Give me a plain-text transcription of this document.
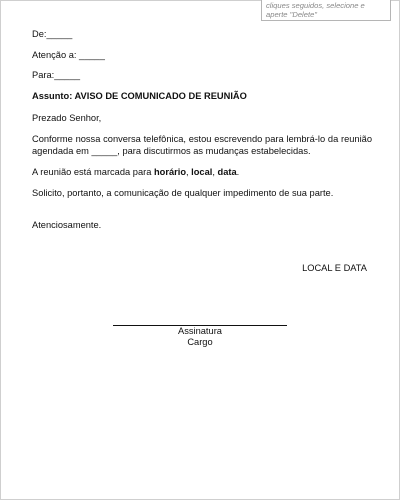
cliques seguidos, selecione e
aperte "Delete"
De:_____
Atenção a: _____
Para:_____
Assunto: AVISO DE COMUNICADO DE REUNIÃO
Prezado Senhor,
Conforme nossa conversa telefônica, estou escrevendo para lembrá-lo da reunião agendada em _____, para discutirmos as mudanças estabelecidas.
A reunião está marcada para horário, local, data.
Solicito, portanto, a comunicação de qualquer impedimento de sua parte.
Atenciosamente.
LOCAL E DATA
Assinatura
Cargo
